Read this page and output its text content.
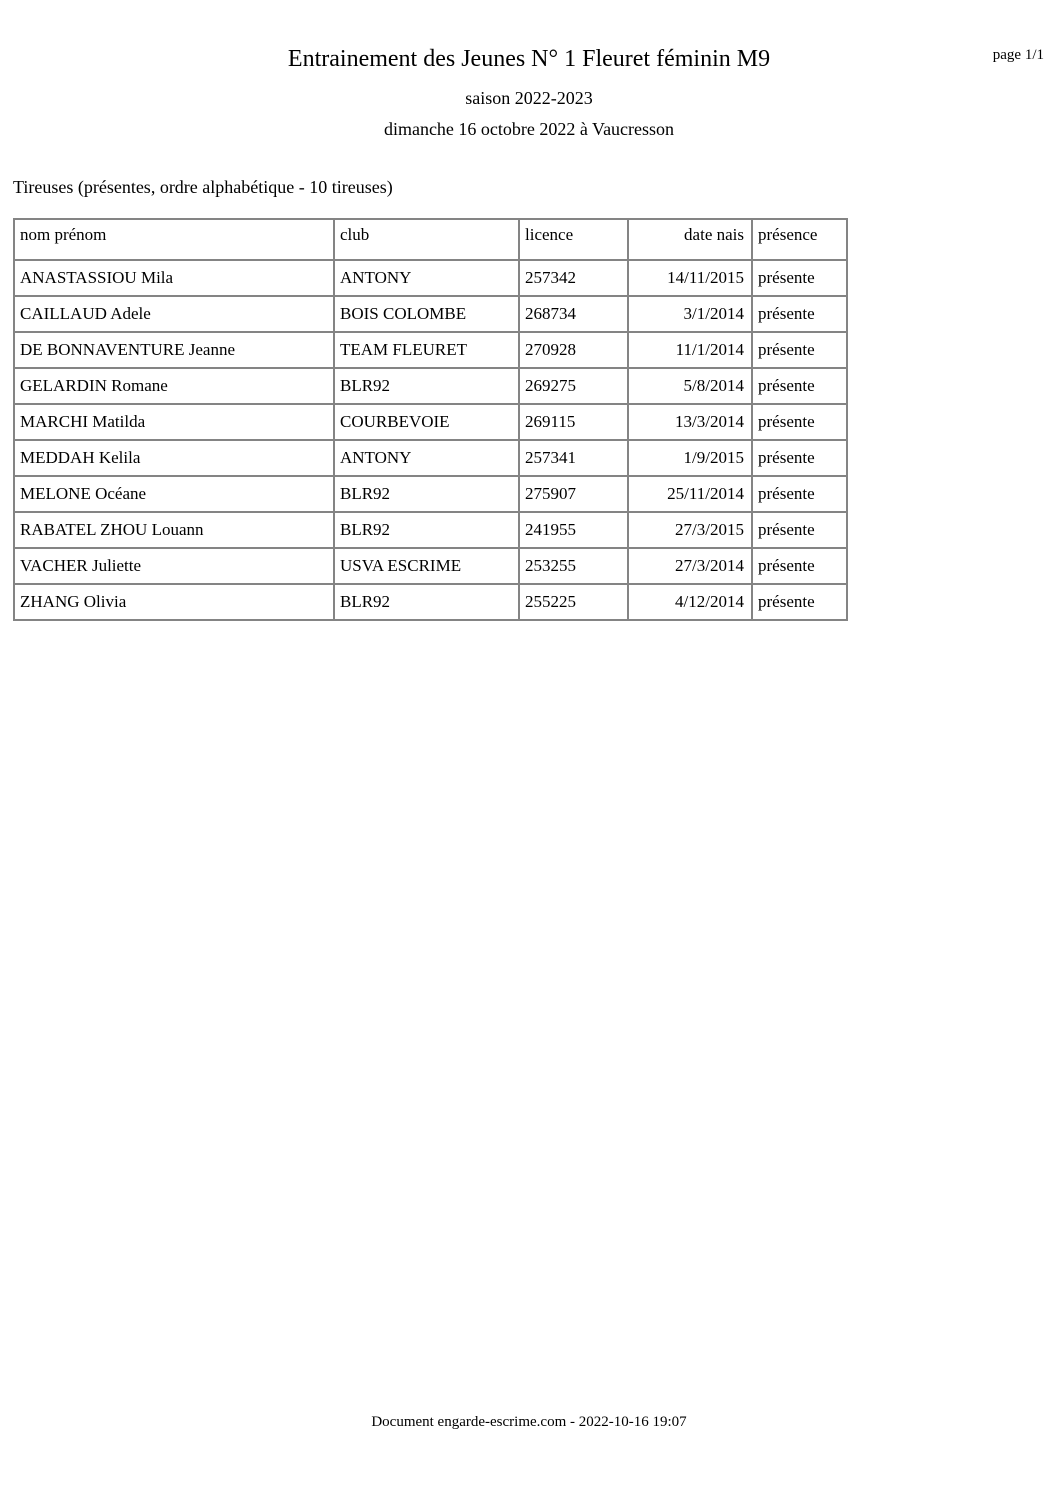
page 1/1
Entrainement des Jeunes N° 1 Fleuret féminin M9
saison 2022-2023
dimanche 16 octobre 2022 à Vaucresson
Tireuses (présentes, ordre alphabétique - 10 tireuses)
nom prénom	club	licence	date nais	présence
ANASTASSIOU Mila	ANTONY	257342	14/11/2015	présente
CAILLAUD Adele	BOIS COLOMBE	268734	3/1/2014	présente
DE BONNAVENTURE Jeanne	TEAM FLEURET	270928	11/1/2014	présente
GELARDIN Romane	BLR92	269275	5/8/2014	présente
MARCHI Matilda	COURBEVOIE	269115	13/3/2014	présente
MEDDAH Kelila	ANTONY	257341	1/9/2015	présente
MELONE Océane	BLR92	275907	25/11/2014	présente
RABATEL ZHOU Louann	BLR92	241955	27/3/2015	présente
VACHER Juliette	USVA ESCRIME	253255	27/3/2014	présente
ZHANG Olivia	BLR92	255225	4/12/2014	présente
Document engarde-escrime.com - 2022-10-16 19:07
